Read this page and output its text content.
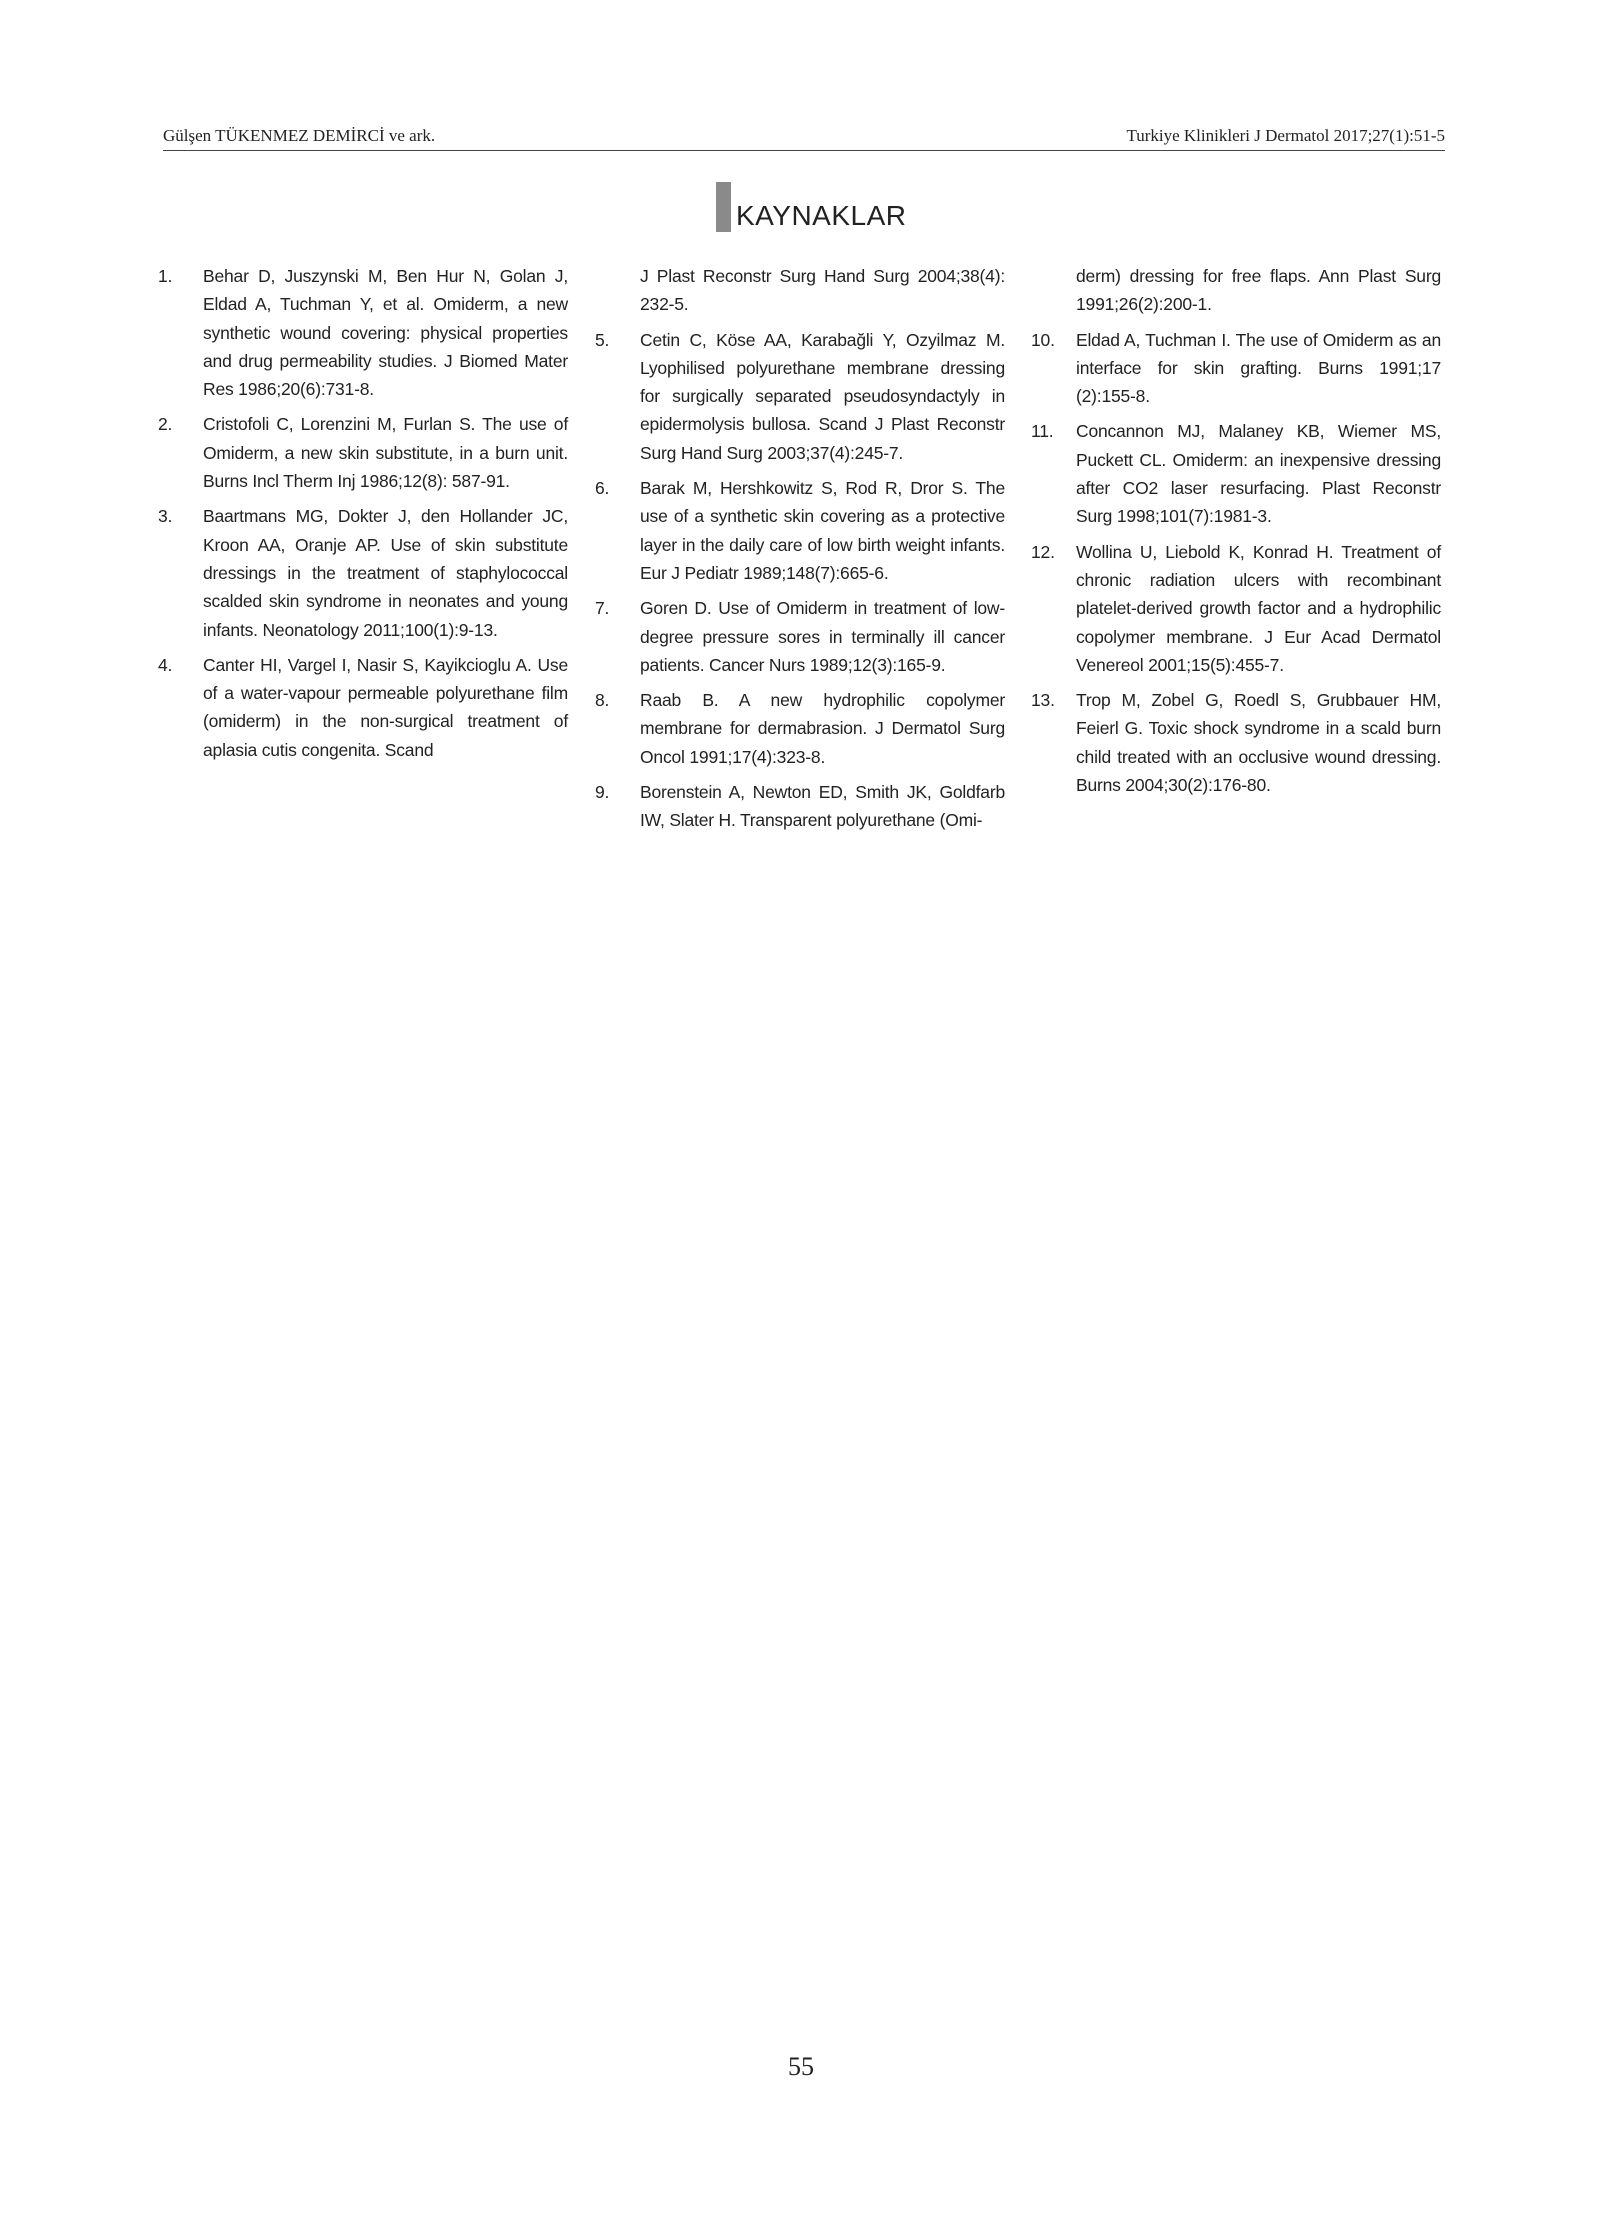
Gülşen TÜKENMEZ DEMİRCİ ve ark.	Turkiye Klinikleri J Dermatol 2017;27(1):51-5
KAYNAKLAR
1.	Behar D, Juszynski M, Ben Hur N, Golan J, Eldad A, Tuchman Y, et al. Omiderm, a new synthetic wound covering: physical properties and drug permeability studies. J Biomed Mater Res 1986;20(6):731-8.
2.	Cristofoli C, Lorenzini M, Furlan S. The use of Omiderm, a new skin substitute, in a burn unit. Burns Incl Therm Inj 1986;12(8): 587-91.
3.	Baartmans MG, Dokter J, den Hollander JC, Kroon AA, Oranje AP. Use of skin substitute dressings in the treatment of staphylococcal scalded skin syndrome in neonates and young infants. Neonatology 2011;100(1):9-13.
4.	Canter HI, Vargel I, Nasir S, Kayikcioglu A. Use of a water-vapour permeable polyurethane film (omiderm) in the non-surgical treatment of aplasia cutis congenita. Scand
J Plast Reconstr Surg Hand Surg 2004;38(4): 232-5.
5.	Cetin C, Köse AA, Karabağli Y, Ozyilmaz M. Lyophilised polyurethane membrane dressing for surgically separated pseudosyndactyly in epidermolysis bullosa. Scand J Plast Reconstr Surg Hand Surg 2003;37(4):245-7.
6.	Barak M, Hershkowitz S, Rod R, Dror S. The use of a synthetic skin covering as a protective layer in the daily care of low birth weight infants. Eur J Pediatr 1989;148(7):665-6.
7.	Goren D. Use of Omiderm in treatment of low-degree pressure sores in terminally ill cancer patients. Cancer Nurs 1989;12(3):165-9.
8.	Raab B. A new hydrophilic copolymer membrane for dermabrasion. J Dermatol Surg Oncol 1991;17(4):323-8.
9.	Borenstein A, Newton ED, Smith JK, Goldfarb IW, Slater H. Transparent polyurethane (Omi-
derm) dressing for free flaps. Ann Plast Surg 1991;26(2):200-1.
10.	Eldad A, Tuchman I. The use of Omiderm as an interface for skin grafting. Burns 1991;17 (2):155-8.
11.	Concannon MJ, Malaney KB, Wiemer MS, Puckett CL. Omiderm: an inexpensive dressing after CO2 laser resurfacing. Plast Reconstr Surg 1998;101(7):1981-3.
12.	Wollina U, Liebold K, Konrad H. Treatment of chronic radiation ulcers with recombinant platelet-derived growth factor and a hydrophilic copolymer membrane. J Eur Acad Dermatol Venereol 2001;15(5):455-7.
13.	Trop M, Zobel G, Roedl S, Grubbauer HM, Feierl G. Toxic shock syndrome in a scald burn child treated with an occlusive wound dressing. Burns 2004;30(2):176-80.
55
